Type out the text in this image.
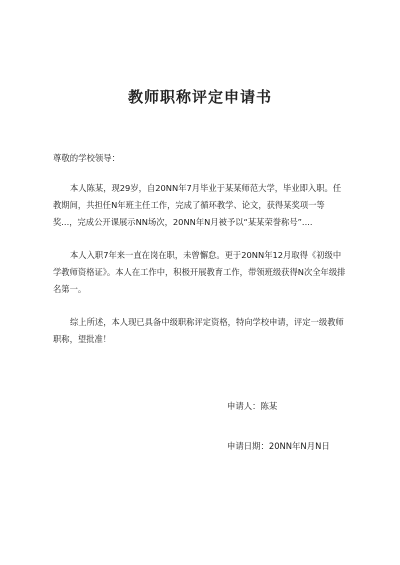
教师职称评定申请书
尊敬的学校领导：
本人陈某，现29岁，自20NN年7月毕业于某某师范大学，毕业即入职。任教期间，共担任N年班主任工作，完成了循环教学、论文，获得某奖项一等奖...，完成公开课展示NN场次，20NN年N月被予以“某某荣誉称号”....
本人入职7年来一直在岗在职，未曾懈怠。更于20NN年12月取得《初级中学教师资格证》。本人在工作中，积极开展教育工作，带领班级获得N次全年级排名第一。
综上所述，本人现已具备中级职称评定资格，特向学校申请，评定一级教师职称，望批准！
申请人：陈某
申请日期：20NN年N月N日
